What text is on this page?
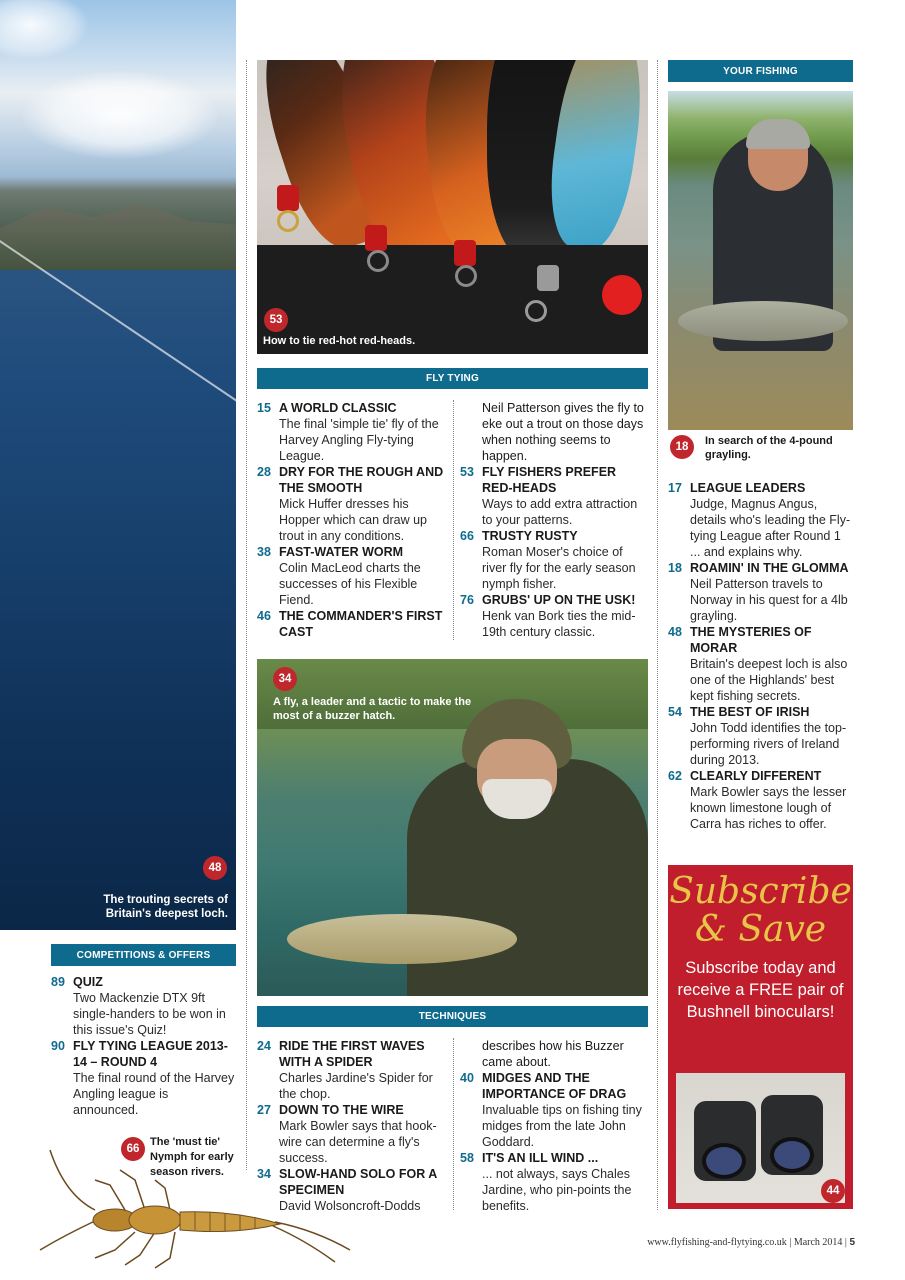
48
The trouting secrets of Britain's deepest loch.
COMPETITIONS & OFFERS
89 QUIZ
Two Mackenzie DTX 9ft single-handers to be won in this issue's Quiz!
90 FLY TYING LEAGUE 2013-14 – ROUND 4
The final round of the Harvey Angling league is announced.
66
The 'must tie' Nymph for early season rivers.
53
How to tie red-hot red-heads.
FLY TYING
15 A WORLD CLASSIC
The final 'simple tie' fly of the Harvey Angling Fly-tying League.
28 DRY FOR THE ROUGH AND THE SMOOTH
Mick Huffer dresses his Hopper which can draw up trout in any conditions.
38 FAST-WATER WORM
Colin MacLeod charts the successes of his Flexible Fiend.
46 THE COMMANDER'S FIRST CAST
Neil Patterson gives the fly to eke out a trout on those days when nothing seems to happen.
53 FLY FISHERS PREFER RED-HEADS
Ways to add extra attraction to your patterns.
66 TRUSTY RUSTY
Roman Moser's choice of river fly for the early season nymph fisher.
76 GRUBS' UP ON THE USK!
Henk van Bork ties the mid-19th century classic.
34
A fly, a leader and a tactic to make the most of a buzzer hatch.
TECHNIQUES
24 RIDE THE FIRST WAVES WITH A SPIDER
Charles Jardine's Spider for the chop.
27 DOWN TO THE WIRE
Mark Bowler says that hook-wire can determine a fly's success.
34 SLOW-HAND SOLO FOR A SPECIMEN
David Wolsoncroft-Dodds
describes how his Buzzer came about.
40 MIDGES AND THE IMPORTANCE OF DRAG
Invaluable tips on fishing tiny midges from the late John Goddard.
58 IT'S AN ILL WIND ...
... not always, says Chales Jardine, who pin-points the benefits.
YOUR FISHING
18	In search of the 4-pound grayling.
17 LEAGUE LEADERS
Judge, Magnus Angus, details who's leading the Fly-tying League after Round 1 ... and explains why.
18 ROAMIN' IN THE GLOMMA
Neil Patterson travels to Norway in his quest for a 4lb grayling.
48 THE MYSTERIES OF MORAR
Britain's deepest loch is also one of the Highlands' best kept fishing secrets.
54 THE BEST OF IRISH
John Todd identifies the top-performing rivers of Ireland during 2013.
62 CLEARLY DIFFERENT
Mark Bowler says the lesser known limestone lough of Carra has riches to offer.
Subscribe
& Save
Subscribe today and receive a FREE pair of Bushnell binoculars!
44
www.flyfishing-and-flytying.co.uk | March 2014 | 5
